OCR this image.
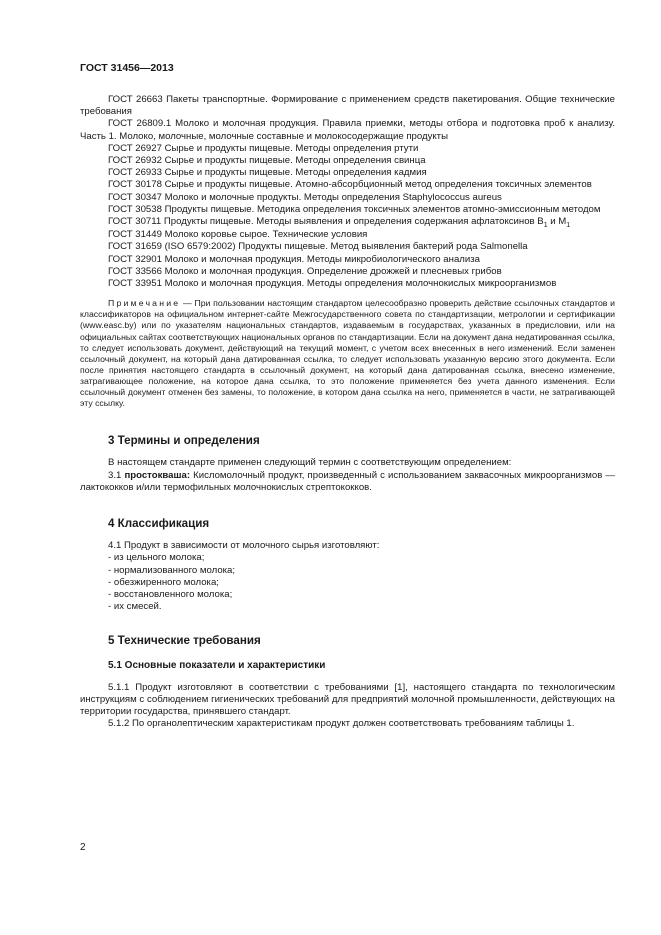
ГОСТ 31456—2013

ГОСТ 26663 Пакеты транспортные. Формирование с применением средств пакетирования. Общие технические требования

ГОСТ 26809.1 Молоко и молочная продукция. Правила приемки, методы отбора и подготовка проб к анализу. Часть 1. Молоко, молочные, молочные составные и молокосодержащие продукты

ГОСТ 26927 Сырье и продукты пищевые. Методы определения ртути

ГОСТ 26932 Сырье и продукты пищевые. Методы определения свинца

ГОСТ 26933 Сырье и продукты пищевые. Методы определения кадмия

ГОСТ 30178 Сырье и продукты пищевые. Атомно-абсорбционный метод определения токсичных элементов

ГОСТ 30347 Молоко и молочные продукты. Методы определения Staphylococcus aureus

ГОСТ 30538 Продукты пищевые. Методика определения токсичных элементов атомно-эмиссионным методом

ГОСТ 30711 Продукты пищевые. Методы выявления и определения содержания афлатоксинов $В_1$ и $М_1$

ГОСТ 31449 Молоко коровье сырое. Технические условия

ГОСТ 31659 (ISO 6579:2002) Продукты пищевые. Метод выявления бактерий рода Salmonella

ГОСТ 32901 Молоко и молочная продукция. Методы микробиологического анализа

ГОСТ 33566 Молоко и молочная продукция. Определение дрожжей и плесневых грибов

ГОСТ 33951 Молоко и молочная продукция. Методы определения молочнокислых микроорганизмов

Примечание — При пользовании настоящим стандартом целесообразно проверить действие ссылочных стандартов и классификаторов на официальном интернет-сайте Межгосударственного совета по стандартизации, метрологии и сертификации (www.easc.by) или по указателям национальных стандартов, издаваемым в государствах, указанных в предисловии, или на официальных сайтах соответствующих национальных органов по стандартизации. Если на документ дана недатированная ссылка, то следует использовать документ, действующий на текущий момент, с учетом всех внесенных в него изменений. Если заменен ссылочный документ, на который дана датированная ссылка, то следует использовать указанную версию этого документа. Если после принятия настоящего стандарта в ссылочный документ, на который дана датированная ссылка, внесено изменение, затрагивающее положение, на которое дана ссылка, то это положение применяется без учета данного изменения. Если ссылочный документ отменен без замены, то положение, в котором дана ссылка на него, применяется в части, не затрагивающей эту ссылку.

3 Термины и определения

В настоящем стандарте применен следующий термин с соответствующим определением:

3.1 простокваша: Кисломолочный продукт, произведенный с использованием заквасочных микроорганизмов — лактококков и/или термофильных молочнокислых стрептококков.

4 Классификация

4.1 Продукт в зависимости от молочного сырья изготовляют:

- из цельного молока;

- нормализованного молока;

- обезжиренного молока;

- восстановленного молока;

- их смесей.

5 Технические требования

5.1 Основные показатели и характеристики

5.1.1 Продукт изготовляют в соответствии с требованиями [1], настоящего стандарта по технологическим инструкциям с соблюдением гигиенических требований для предприятий молочной промышленности, действующих на территории государства, принявшего стандарт.

5.1.2 По органолептическим характеристикам продукт должен соответствовать требованиям таблицы 1.

2
